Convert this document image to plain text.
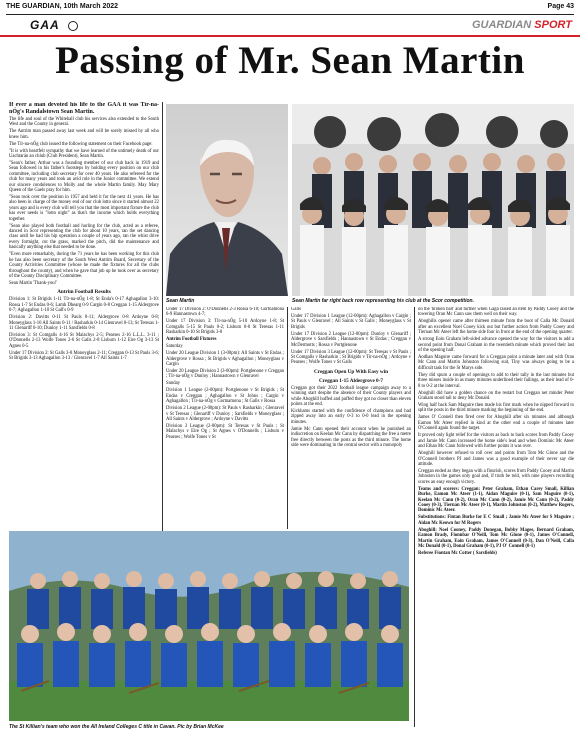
THE GUARDIAN, 10th March 2022	Page 43
GAA	GUARDIAN SPORT
Passing of Mr. Sean Martin

If ever a man devoted his life to the GAA it was Tír-na-nÓg's Randalstown Sean Martin.

The life and soul of the Whitehall club his services also extended to the South West and the County in general.

The Antrim man passed away last week and will be sorely missed by all who knew him.

The Tír-na-nÓg club issued the following statement on their Facebook page:

"It is with heartfelt sympathy that we have learned of the untimely death of our Uachtarán an chlub (Club President), Sean Martin.

"Sean's father, Arthur was a founding member of our club back in 1919 and Sean followed in his father's footsteps by holding every position on our club committee, including club secretary for over 40 years. He also refereed for the club for many years and took an avid role in the Junior committee. We extend our sincere condolences to Molly and the whole Martin family. May Mary Queen of the Gaels pray for him.

"Sean took over the position in 1957 and held it for the next 41 years. He has also been in charge of the money end of our club lotto since it started almost 22 years ago and is every club will tell you that the most important fixture the club has ever needs is "lotto night" as that's the income which holds everything together.

"Sean also played both football and hurling for the club, acted as a referee, danced in Scor representing the club for about 10 years, ran the set dancing class until he had his hip operation a couple of years ago, ran the whist drive every fortnight, cut the grass, marked the pitch, did the maintenance and basically anything else that needed to be done.

"Even more remarkably, during the 71 years he has been working for this club he has also been secretary of the South West Antrim Board, Secretary of the County Activities Committee (whose he made the fixtures for all the clubs throughout the county), and when he gave that job up he took over as secretary of the County Disciplinary Committee.

Sean Martin 'Thank-you!'

Antrim Football Results

Division 1: St Brigids 1-11 Tír-na-nÓg 1-8; St Enda's 0-17 Aghagallon 3-10: Rossa 1-7 St Endas 0-6; Lamh Dhearg 0-9 Cargin 0-8 Creggan 1-15 Aldergrove 0-7; Aghagallon 1-10 St Gall's 0-9

Division 2: Davitts 0-11 St Pauls 0-11; Aldergrove 0-8 Ardoyne 0-8; Moneyglass 1-10 All Saints 0-11 / Rasharkin 0-14 Glenravel 0-13; St Teresas 1-11 Glenariff 0-10; Dunloy 1-11 Sarsfields 0-8

Division 3: St Comgalls 4-16 St Malachys 2-5; Pearses 2-16 L.L.L. 3-11 ; O'Donnells 2-13 Wolfe Tones 2-6 St Galls 2-8 Lisburn 1-12 Eire Og 3-13 St Agnes 0-5

Under 17 Division 2: St Galls 3-8 Moneyglass 2-11; Creggan 0-13 St Pauls 3-6; St Brigids 3-13 Aghagallon 3-13 / Glenravel 1-7 All Saints 1-7

Sean Martin	Sean Martin far right back row representing his club at the Scor competition.

Under 17 Division 2: O'Donnells 2-3 Rossa 6-10; Gortnamona 6-9 Hannastown 4-7;

Under 17 Division 3: Tír-na-nÓg 5-10 Ardoyne 1-8; St Comgalls 5-15 St Pauls 0-2; Lisburn 0-0 St Teresas 1-11 Rasharkin 0-10 St Brigids 3-0

Antrim Football Fixtures

Saturday

Under 20 League Division 1 (3-00pm): All Saints v St Endas ; Aldergrove v Rossa ; St Brigids v Aghagallon ; Moneyglass v Cargin

Under 20 League Division 2 (3-00pm): Portglenone v Creggan ; Tír-na-nÓg v Dunloy ; Hannastown v Glenravel

Sunday

Division 1 League (2-00pm): Portglenone v St Brigids ; St Endas v Creggan ; Aghagallon v St Johns ; Cargin v Aghagallon ; Tír-na-nÓg v Gortnamona ; St Galls v Rossa

Division 2 League (2-00pm): St Pauls v Rasharkin ; Glenravel v St Teresas ; Glenariff v Dunloy ; Sarsfields v Moneyglass ; All Saints v Aldergrove ; Ardoyne v Davitts

Division 3 League (2-00pm): St Teresas v St Pauls ; St Malachys v Eire Og ; St Agnes v O'Donnells ; Lisburn v Pearses ; Wolfe Tones v St

Galls

Under 17 Division 1 League (12-00pm): Aghagallon v Cargin ; St Pauls v Glenravel ; All Saints v St Galls ; Moneyglass v St Brigids

Under 17 Division 2 League (12-00pm): Dunloy v Glenariff ; Aldergrove v Sarsfields ; Hannastown v St Endas ; Creggan v McDermotts ; Rossa v Portglenone

Under 17 Division 3 League (12-00pm): St Teresas v St Pauls ; St Comgalls v Rasharkin ; St Brigids v Tír-na-nÓg ; Ardoyne v Pearses ; Wolfe Tones v St Galls

Creggan Open Up With Easy win
Creggan 1-15 Aldergrove 0-7

Creggan got their 2022 football league campaign away to a winning start despite the absence of their County players and while Aboghill huffed and puffed they got no closer than eleven points at the end.

Kickhams started with the confidence of champions and had zipped away into an early 0-3 to 0-0 lead in the opening minutes.

Jamie Mc Cann opened their account when he punished an indiscretion on Keelan Mc Cann by dispatching the free a metre free directly between the posts as the third minute. The home side were dominating in the central sector with a monopoly

on the 'broken ball' and further when Gaga raised an item by Paddy Cooey and the towering Oran Mc Cann saw them well on their way.

Aboghills opener came after thirteen minute from the boot of Calla Mc Donald after an excellent Noel Cooey kick out but further action from Paddy Cooey and Tiernan Mc Ateer left the home side four in front at the end of the opening quarter.

A strong Eoin Graham left-sided advance opened the way for the visitors to add a second point from Donal Graham in the twentieth minute which proved their last of the opening half.

Aodhan Maguire came forward for a Creggan point a minute later and with Oran Mc Cann and Martin Johnston following suit, Tiny was always going to be a difficult task for the St Marys side.

They did spurn a couple of openings to add to their tally in the last minutes but three misses inside in as many minutes underlined their failings, as their lead of 0-8 to 0-2 at the interval.

Aboghill did have a golden chance on the restart but Creggan net minder Peter Graham stood tall to deny Mc Donald.

Wing half back Sam Maguire then made his first mark when he nipped forward to split the posts in the third minute marking the beginning of the end.

James O' Connell then fired over for Aboghill after six minutes and although Eamon Mc Ateer replied in kind at the other end a couple of minutes later O'Connell again found the target.

It proved only light relief for the visitors as back to back scores from Paddy Cooey and Jamie Mc Cann increased the home side's lead and when Dominic Mc Ateer and Ethan Mc Cann followed with further points it was over.

Aboghill however refused to roll over and points from Tom Mc Glone and the O'Connell brothers PJ and James was a good example of their never say die attitude.

Creggan ended as they began with a flourish, scores from Paddy Cooey and Martin Johnston in the games only goal and, if truth be told, with nine players recording scores an easy enough victory.

Teams and scorers: Creggan: Peter Graham, Ethan Carey Small, Killian Burke, Eamon Mc Ateer (1-1), Aidan Maguire (0-1), Sam Maguire (0-1), Keelan Mc Cann (0-2), Oran Mc Cann (0-2), Jamie Mc Cann (0-2), Paddy Cooey (0-3), Tiernan Mc Ateer (0-1), Martin Johnston (0-2), Matthew Rogers, Dominic Mc Ateer.

Substitutions: Fintan Burke for E C Small ; Jamie Mc Ateer for S Maguire ; Aidan Mc Keown for M Rogers

Aboghill: Noel Cooney, Paddy Donegan, Bobby Magee, Bernard Graham, Eamon Brady, Fionnbar O'Neill, Tom Mc Glone (0-1), James O'Connell, Martin Graham, Eoin Graham, James O'Connell (0-3), Dan O'Neill, Calla Mc Donald (0-1), Donal Graham (0-1), PJ O' Connell (0-1)

Referee Fiontan Mc Cotter ( Sarsfields)

The St Killian's team who won the All Ireland Colleges C title in Cavan. Pic by Brian McKee
